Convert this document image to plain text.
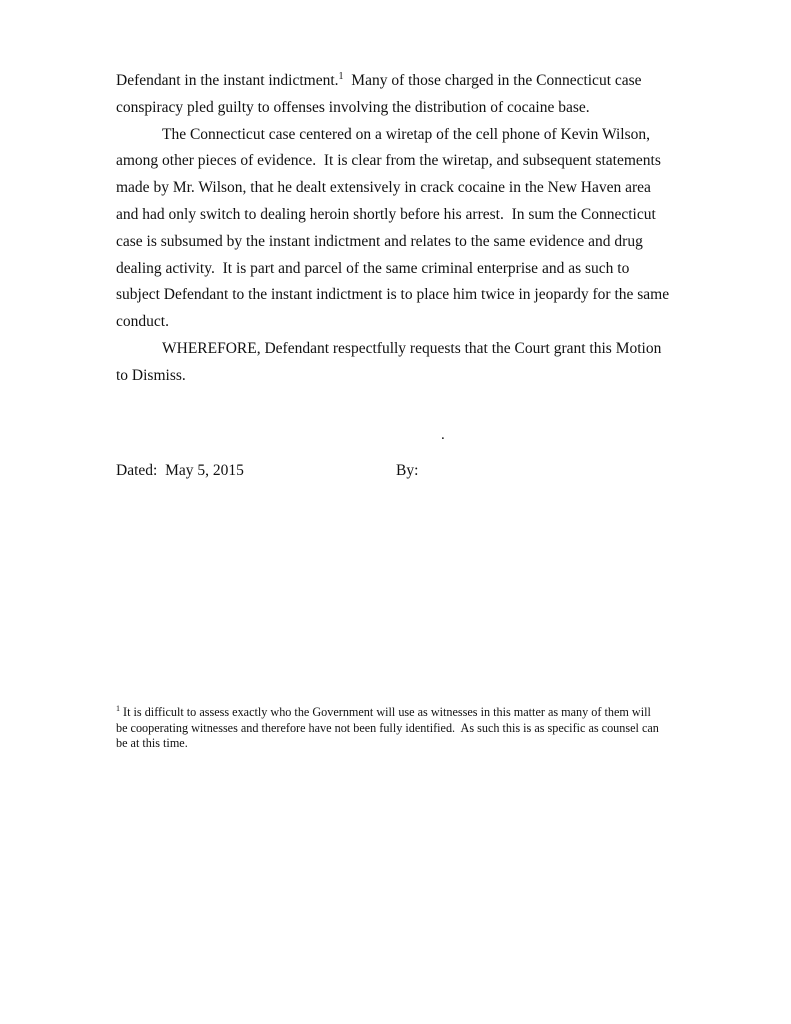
Defendant in the instant indictment.$^1$  Many of those charged in the Connecticut case conspiracy pled guilty to offenses involving the distribution of cocaine base.

The Connecticut case centered on a wiretap of the cell phone of Kevin Wilson, among other pieces of evidence.  It is clear from the wiretap, and subsequent statements made by Mr. Wilson, that he dealt extensively in crack cocaine in the New Haven area and had only switch to dealing heroin shortly before his arrest.  In sum the Connecticut case is subsumed by the instant indictment and relates to the same evidence and drug dealing activity.  It is part and parcel of the same criminal enterprise and as such to subject Defendant to the instant indictment is to place him twice in jeopardy for the same conduct.

WHEREFORE, Defendant respectfully requests that the Court grant this Motion to Dismiss.

.
Dated: May 5, 2015	By:
$^1$ It is difficult to assess exactly who the Government will use as witnesses in this matter as many of them will be cooperating witnesses and therefore have not been fully identified.  As such this is as specific as counsel can be at this time.
